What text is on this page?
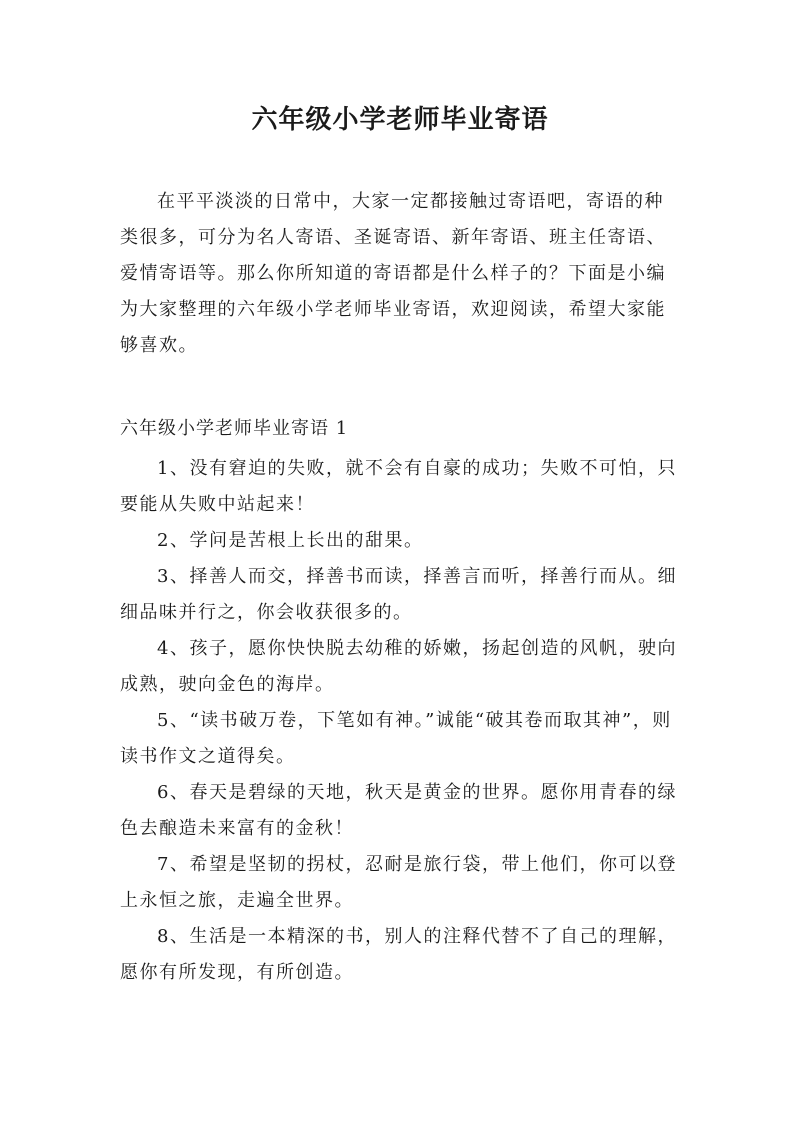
六年级小学老师毕业寄语
在平平淡淡的日常中，大家一定都接触过寄语吧，寄语的种类很多，可分为名人寄语、圣诞寄语、新年寄语、班主任寄语、爱情寄语等。那么你所知道的寄语都是什么样子的？下面是小编为大家整理的六年级小学老师毕业寄语，欢迎阅读，希望大家能够喜欢。
六年级小学老师毕业寄语 1

1、没有窘迫的失败，就不会有自豪的成功；失败不可怕，只要能从失败中站起来！

2、学问是苦根上长出的甜果。

3、择善人而交，择善书而读，择善言而听，择善行而从。细细品味并行之，你会收获很多的。

4、孩子，愿你快快脱去幼稚的娇嫩，扬起创造的风帆，驶向成熟，驶向金色的海岸。

5、“读书破万卷，下笔如有神。”诚能“破其卷而取其神”，则读书作文之道得矣。

6、春天是碧绿的天地，秋天是黄金的世界。愿你用青春的绿色去酿造未来富有的金秋！

7、希望是坚韧的拐杖，忍耐是旅行袋，带上他们，你可以登上永恒之旅，走遍全世界。

8、生活是一本精深的书，别人的注释代替不了自己的理解，愿你有所发现，有所创造。
